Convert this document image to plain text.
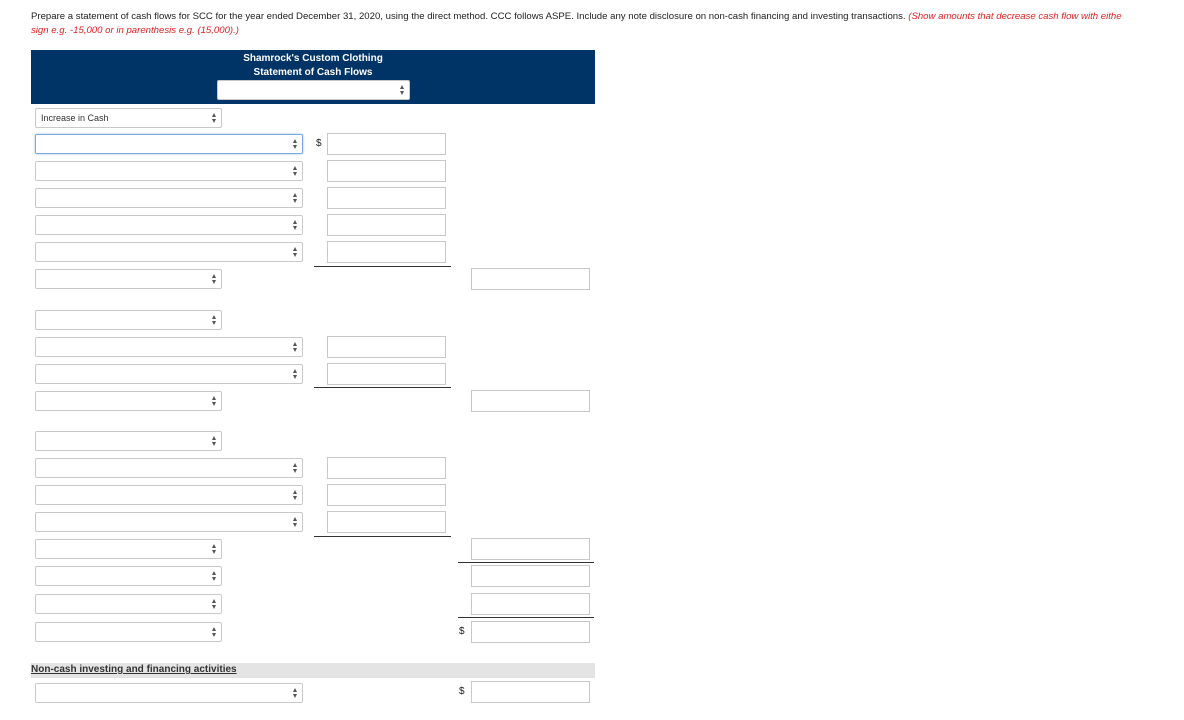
Prepare a statement of cash flows for SCC for the year ended December 31, 2020, using the direct method. CCC follows ASPE. Include any note disclosure on non-cash financing and investing transactions. (Show amounts that decrease cash flow with eithe
sign e.g. -15,000 or in parenthesis e.g. (15,000).)
Shamrock's Custom Clothing
Statement of Cash Flows
Increase in Cash
$
$
Non-cash investing and financing activities
$
